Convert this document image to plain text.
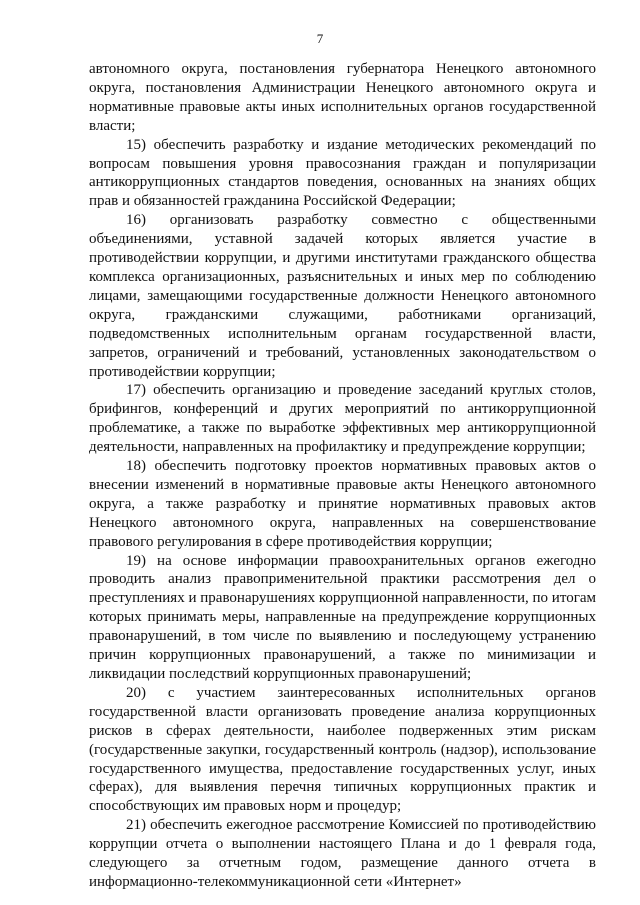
7

автономного округа, постановления губернатора Ненецкого автономного округа, постановления Администрации Ненецкого автономного округа и нормативные правовые акты иных исполнительных органов государственной власти;

15) обеспечить разработку и издание методических рекомендаций по вопросам повышения уровня правосознания граждан и популяризации антикоррупционных стандартов поведения, основанных на знаниях общих прав и обязанностей гражданина Российской Федерации;

16) организовать разработку совместно с общественными объединениями, уставной задачей которых является участие в противодействии коррупции, и другими институтами гражданского общества комплекса организационных, разъяснительных и иных мер по соблюдению лицами, замещающими государственные должности Ненецкого автономного округа, гражданскими служащими, работниками организаций, подведомственных исполнительным органам государственной власти, запретов, ограничений и требований, установленных законодательством о противодействии коррупции;

17) обеспечить организацию и проведение заседаний круглых столов, брифингов, конференций и других мероприятий по антикоррупционной проблематике, а также по выработке эффективных мер антикоррупционной деятельности, направленных на профилактику и предупреждение коррупции;

18) обеспечить подготовку проектов нормативных правовых актов о внесении изменений в нормативные правовые акты Ненецкого автономного округа, а также разработку и принятие нормативных правовых актов Ненецкого автономного округа, направленных на совершенствование правового регулирования в сфере противодействия коррупции;

19) на основе информации правоохранительных органов ежегодно проводить анализ правоприменительной практики рассмотрения дел о преступлениях и правонарушениях коррупционной направленности, по итогам которых принимать меры, направленные на предупреждение коррупционных правонарушений, в том числе по выявлению и последующему устранению причин коррупционных правонарушений, а также по минимизации и ликвидации последствий коррупционных правонарушений;

20) с участием заинтересованных исполнительных органов государственной власти организовать проведение анализа коррупционных рисков в сферах деятельности, наиболее подверженных этим рискам (государственные закупки, государственный контроль (надзор), использование государственного имущества, предоставление государственных услуг, иных сферах), для выявления перечня типичных коррупционных практик и способствующих им правовых норм и процедур;

21) обеспечить ежегодное рассмотрение Комиссией по противодействию коррупции отчета о выполнении настоящего Плана и до 1 февраля года, следующего за отчетным годом, размещение данного отчета в информационно-телекоммуникационной сети «Интернет»
